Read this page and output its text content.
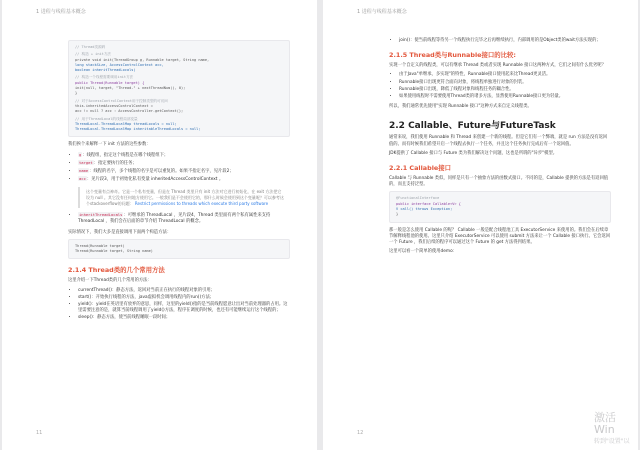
1 进程与线程基本概念
// Thread类源码
// 构造 + init方法
private void init(ThreadGroup g, Runnable target, String name,
long stackSize, AccessControlContext acc,
boolean inheritThreadLocals)
// 构造一个线程需要调用init方法
public Thread(Runnable target) {
init(null, target, "Thread-" + nextThreadNum(), 0);
}
// 对于AccessControlContext用于控制类型的可访问
this.inheritedAccessControlContext =
acc != null ? acc : AccessController.getContext();
// 用于ThreadLocal的线程局部变量
ThreadLocal.ThreadLocalMap threadLocals = null;
ThreadLocal.ThreadLocalMap inheritableThreadLocals = null;
我们挨个来解释一下 init 方法的这些参数：
• g：线程组，指定这个线程是在哪个线程组下；
• target：指定要执行的任务；
• name：线程的名字，多个线程的名字是可以重复的。如果不指定名字，见片段2；
• acc：见片段3，用于初始化私有变量 inheritedAccessControlContext 。
这个变量有点神奇。它是一个私有变量，但是在 Thread 类里只有 init 方法对它进行初始化，在 exit 方法把它设为 null 。其它没有任何地方使用它。一般我们是不会使用它的，那什么时候会使用到这个变量呢？可以参考这个stackoverflow的问题： Restrict permissions to threads which execute third party software
• inheritThreadLocals：可继承的 ThreadLocal ，见片段4，Thread 类里面有两个私有属性来支持 ThreadLocal ，我们会在后面的章节介绍 ThreadLocal 的概念。
实际情况下，我们大多是直接调用下面两个构造方法：
Thread(Runnable target)
Thread(Runnable target, String name)
2.1.4 Thread类的几个常用方法
这里介绍一下Thread类的几个常用的方法：
• currentThread()：静态方法，返回对当前正在执行的线程对象的引用；
• start()：开始执行线程的方法，java虚拟机会调用线程内的run()方法；
• yield()：yield在英语里有放弃的意思，同样，这里的yield()指的是当前线程愿意让出对当前处理器的占用。这里需要注意的是，就算当前线程调用了yield()方法，程序在调度的时候，也还有可能继续运行这个线程的；
• sleep()：静态方法，使当前线程睡眠一段时间；
11
1 进程与线程基本概念
• join()：使当前线程等待另一个线程执行完毕之后再继续执行，内部调用的是Object类的wait方法实现的；
2.1.5 Thread类与Runnable接口的比较:
实现一个自定义的线程类，可以有继承 Thread 类或者实现 Runnable 接口这两种方式，它们之间有什么优劣呢？
• 由于Java"单继承，多实现"的特性，Runnable接口使用起来比Thread更灵活。
• Runnable接口出现更符合面向对象，将线程单独进行对象的封装。
• Runnable接口出现，降低了线程对象和线程任务的耦合性。
• 如果使用线程时不需要使用Thread类的诸多方法，显然使用Runnable接口更为轻量。
所以，我们通常优先使用"实现 Runnable 接口"这种方式来自定义线程类。
2.2 Callable、Future与FutureTask
通常来说，我们使用 Runnable 和 Thread 来创建一个新的线程。但是它们有一个弊端，就是 run 方法是没有返回值的。而有时候我们希望开启一个线程去执行一个任务，并且这个任务执行完成后有一个返回值。
JDK提供了 Callable 接口与 Future 类为我们解决这个问题，这也是所谓的"异步"模型。
2.2.1 Callable接口
Callable 与 Runnable 类似，同样是只有一个抽象方法的函数式接口。不同的是，Callable 提供的方法是有返回值的，而且支持泛型。
@FunctionalInterface
public interface Callable<V> {
V call() throws Exception;
}
那一般是怎么使用 Callable 的呢？ Callable 一般是配合线程池工具 ExecutorService 来使用的。我们会在后续章节解释线程池的使用。这里只介绍 ExecutorService 可以使用 submit 方法来让一个 Callable 接口执行。它会返回一个 Future ，我们后续的程序可以通过这个 Future 的 get 方法得到结果。
这里可以看一个简单的使用demo：
12
激活 Win
转到"设置"以
